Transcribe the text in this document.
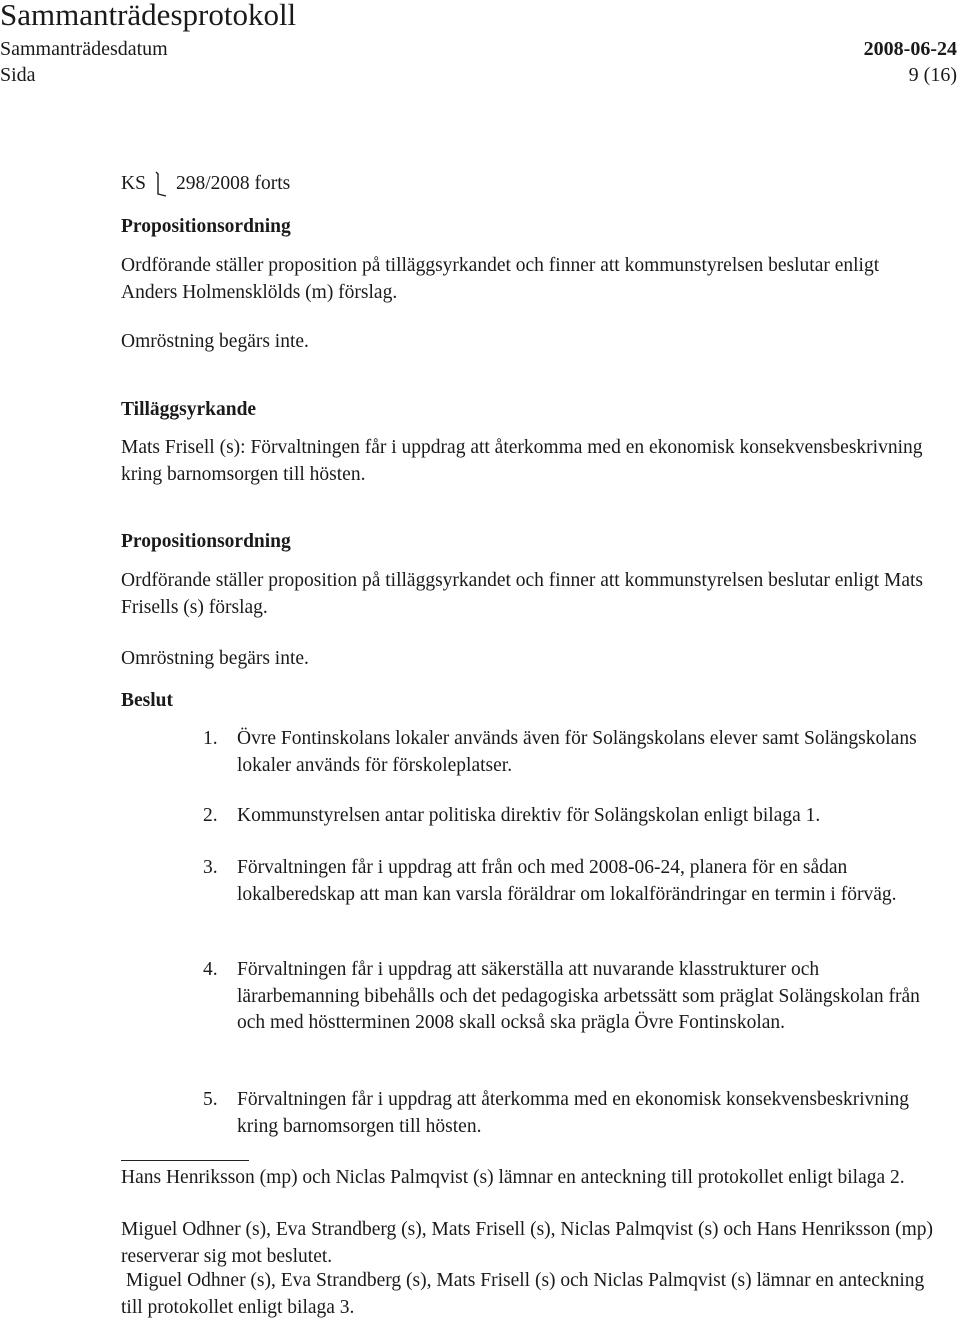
Sammanträdesprotokoll
Sammanträdesdatum	2008-06-24
Sida	9 (16)
KS 298/2008 forts
Propositionsordning
Ordförande ställer proposition på tilläggsyrkandet och finner att kommunstyrelsen beslutar enligt Anders Holmensklölds (m) förslag.
Omröstning begärs inte.
Tilläggsyrkande
Mats Frisell (s): Förvaltningen får i uppdrag att återkomma med en ekonomisk konsekvensbeskrivning kring barnomsorgen till hösten.
Propositionsordning
Ordförande ställer proposition på tilläggsyrkandet och finner att kommunstyrelsen beslutar enligt Mats Frisells (s) förslag.
Omröstning begärs inte.
Beslut
1. Övre Fontinskolans lokaler används även för Solängskolans elever samt Solängskolans lokaler används för förskoleplatser.
2. Kommunstyrelsen antar politiska direktiv för Solängskolan enligt bilaga 1.
3. Förvaltningen får i uppdrag att från och med 2008-06-24, planera för en sådan lokalberedskap att man kan varsla föräldrar om lokalförändringar en termin i förväg.
4. Förvaltningen får i uppdrag att säkerställa att nuvarande klasstrukturer och lärarbemanning bibehålls och det pedagogiska arbetssätt som präglat Solängskolan från och med höstterminen 2008 skall också ska prägla Övre Fontinskolan.
5. Förvaltningen får i uppdrag att återkomma med en ekonomisk konsekvensbeskrivning kring barnomsorgen till hösten.
Hans Henriksson (mp) och Niclas Palmqvist (s) lämnar en anteckning till protokollet enligt bilaga 2.
Miguel Odhner (s), Eva Strandberg (s), Mats Frisell (s), Niclas Palmqvist (s) och Hans Henriksson (mp) reserverar sig mot beslutet.
Miguel Odhner (s), Eva Strandberg (s), Mats Frisell (s) och Niclas Palmqvist (s) lämnar en anteckning till protokollet enligt bilaga 3.
